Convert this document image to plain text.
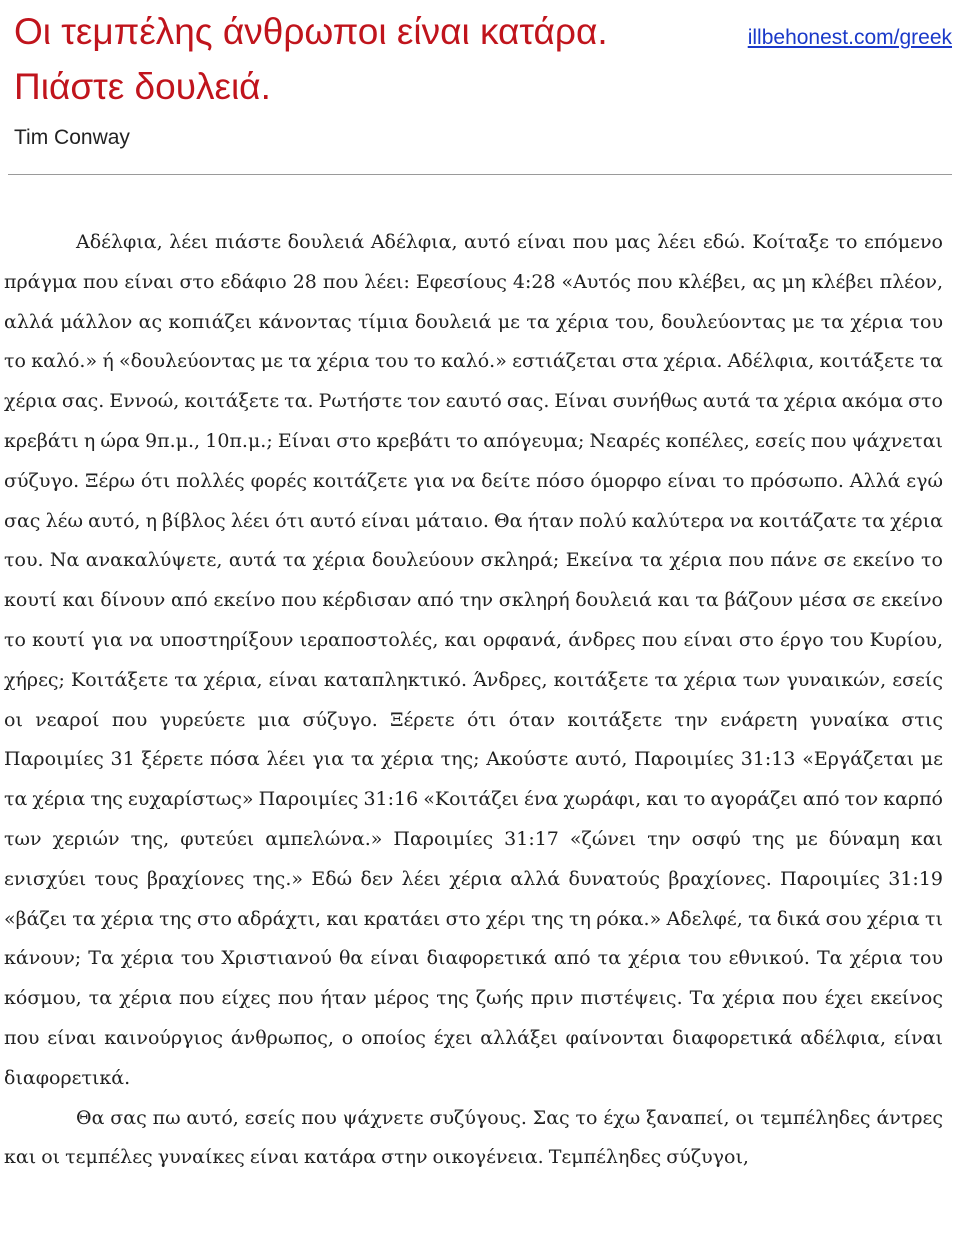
Οι τεμπέλης άνθρωποι είναι κατάρα. Πιάστε δουλειά.
illbehonest.com/greek

Tim Conway

Αδέλφια, λέει πιάστε δουλειά Αδέλφια, αυτό είναι που μας λέει εδώ. Κοίταξε το επόμενο πράγμα που είναι στο εδάφιο 28 που λέει: Εφεσίους 4:28 «Αυτός που κλέβει, ας μη κλέβει πλέον, αλλά μάλλον ας κοπιάζει κάνοντας τίμια δουλειά με τα χέρια του, δουλεύοντας με τα χέρια του το καλό.» ή «δουλεύοντας με τα χέρια του το καλό.» εστιάζεται στα χέρια. Αδέλφια, κοιτάξετε τα χέρια σας. Εννοώ, κοιτάξετε τα. Ρωτήστε τον εαυτό σας. Είναι συνήθως αυτά τα χέρια ακόμα στο κρεβάτι η ώρα 9π.μ., 10π.μ.; Είναι στο κρεβάτι το απόγευμα; Νεαρές κοπέλες, εσείς που ψάχνεται σύζυγο. Ξέρω ότι πολλές φορές κοιτάζετε για να δείτε πόσο όμορφο είναι το πρόσωπο. Αλλά εγώ σας λέω αυτό, η βίβλος λέει ότι αυτό είναι μάταιο. Θα ήταν πολύ καλύτερα να κοιτάζατε τα χέρια του. Να ανακαλύψετε, αυτά τα χέρια δουλεύουν σκληρά; Εκείνα τα χέρια που πάνε σε εκείνο το κουτί και δίνουν από εκείνο που κέρδισαν από την σκληρή δουλειά και τα βάζουν μέσα σε εκείνο το κουτί για να υποστηρίξουν ιεραποστολές, και ορφανά, άνδρες που είναι στο έργο του Κυρίου, χήρες; Κοιτάξετε τα χέρια, είναι καταπληκτικό. Άνδρες, κοιτάξετε τα χέρια των γυναικών, εσείς οι νεαροί που γυρεύετε μια σύζυγο. Ξέρετε ότι όταν κοιτάξετε την ενάρετη γυναίκα στις Παροιμίες 31 ξέρετε πόσα λέει για τα χέρια της; Ακούστε αυτό, Παροιμίες 31:13 «Εργάζεται με τα χέρια της ευχαρίστως» Παροιμίες 31:16 «Κοιτάζει ένα χωράφι, και το αγοράζει από τον καρπό των χεριών της, φυτεύει αμπελώνα.» Παροιμίες 31:17 «ζώνει την οσφύ της με δύναμη και ενισχύει τους βραχίονες της.» Εδώ δεν λέει χέρια αλλά δυνατούς βραχίονες. Παροιμίες 31:19 «βάζει τα χέρια της στο αδράχτι, και κρατάει στο χέρι της τη ρόκα.» Αδελφέ, τα δικά σου χέρια τι κάνουν; Τα χέρια του Χριστιανού θα είναι διαφορετικά από τα χέρια του εθνικού. Τα χέρια του κόσμου, τα χέρια που είχες που ήταν μέρος της ζωής πριν πιστέψεις. Τα χέρια που έχει εκείνος που είναι καινούργιος άνθρωπος, ο οποίος έχει αλλάξει φαίνονται διαφορετικά αδέλφια, είναι διαφορετικά.

Θα σας πω αυτό, εσείς που ψάχνετε συζύγους. Σας το έχω ξαναπεί, οι τεμπέληδες άντρες και οι τεμπέλες γυναίκες είναι κατάρα στην οικογένεια. Τεμπέληδες σύζυγοι,
